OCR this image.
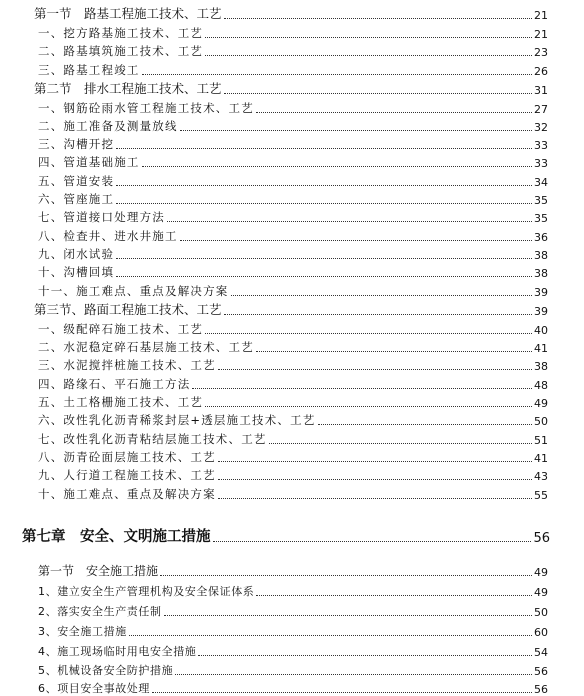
第一节　路基工程施工技术、工艺	21
一、挖方路基施工技术、工艺	21
二、路基填筑施工技术、工艺	23
三、路基工程竣工	26
第二节　排水工程施工技术、工艺	31
一、钢筋砼雨水管工程施工技术、工艺	27
二、施工准备及测量放线	32
三、沟槽开挖	33
四、管道基础施工	33
五、管道安装	34
六、管座施工	35
七、管道接口处理方法	35
八、检查井、进水井施工	36
九、闭水试验	38
十、沟槽回填	38
十一、施工难点、重点及解决方案	39
第三节、路面工程施工技术、工艺	39
一、级配碎石施工技术、工艺	40
二、水泥稳定碎石基层施工技术、工艺	41
三、水泥搅拌桩施工技术、工艺	38
四、路缘石、平石施工方法	48
五、土工格栅施工技术、工艺	49
六、改性乳化沥青稀浆封层+透层施工技术、工艺	50
七、改性乳化沥青粘结层施工技术、工艺	51
八、沥青砼面层施工技术、工艺	41
九、人行道工程施工技术、工艺	43
十、施工难点、重点及解决方案	55
第七章　安全、文明施工措施	56
第一节　安全施工措施	49
1、建立安全生产管理机构及安全保证体系	49
2、落实安全生产责任制	50
3、安全施工措施	60
4、施工现场临时用电安全措施	54
5、机械设备安全防护措施	56
6、项目安全事故处理	56
